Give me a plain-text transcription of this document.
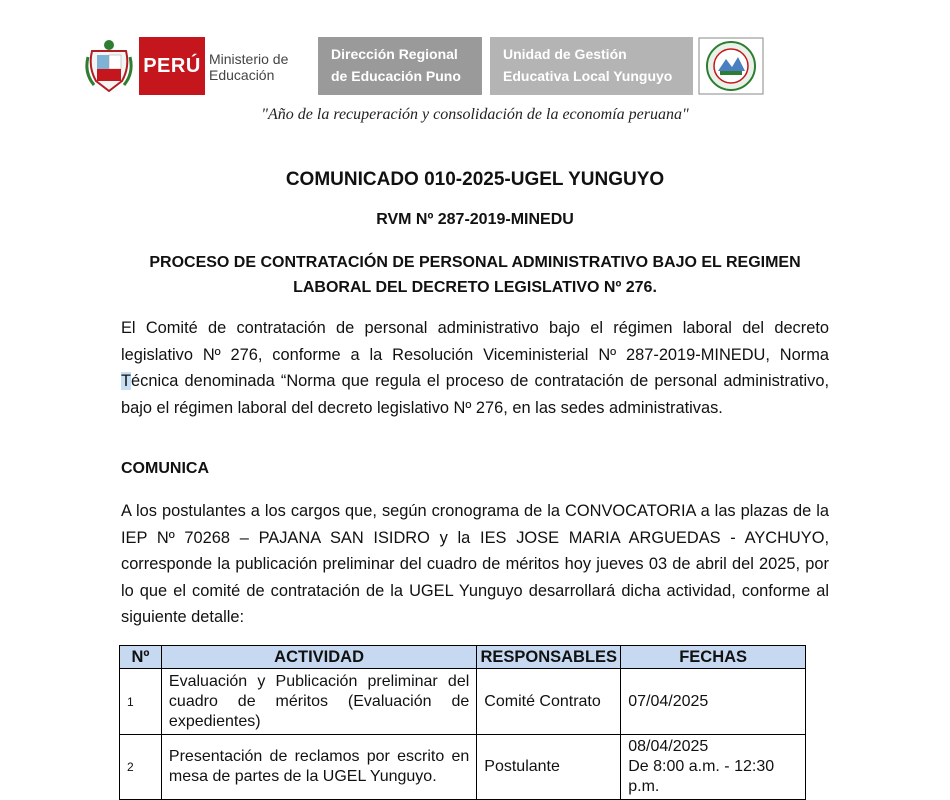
PERÚ Ministerio de Educación
Dirección Regional
de Educación Puno
Unidad de Gestión
Educativa Local Yunguyo
"Año de la recuperación y consolidación de la economía peruana"
COMUNICADO 010-2025-UGEL YUNGUYO
RVM Nº 287-2019-MINEDU
PROCESO DE CONTRATACIÓN DE PERSONAL ADMINISTRATIVO BAJO EL REGIMEN
LABORAL DEL DECRETO LEGISLATIVO Nº 276.
El Comité de contratación de personal administrativo bajo el régimen laboral del decreto legislativo Nº 276, conforme a la Resolución Viceministerial Nº 287-2019-MINEDU, Norma Técnica denominada “Norma que regula el proceso de contratación de personal administrativo, bajo el régimen laboral del decreto legislativo Nº 276, en las sedes administrativas.
COMUNICA
A los postulantes a los cargos que, según cronograma de la CONVOCATORIA a las plazas de la IEP Nº 70268 – PAJANA SAN ISIDRO y la IES JOSE MARIA ARGUEDAS - AYCHUYO, corresponde la publicación preliminar del cuadro de méritos hoy jueves 03 de abril del 2025, por lo que el comité de contratación de la UGEL Yunguyo desarrollará dicha actividad, conforme al siguiente detalle:
Nº	ACTIVIDAD	RESPONSABLES	FECHAS
1	Evaluación y Publicación preliminar del cuadro de méritos (Evaluación de expedientes)	Comité Contrato	07/04/2025
2	Presentación de reclamos por escrito en mesa de partes de la UGEL Yunguyo.	Postulante	08/04/2025
De 8:00 a.m. - 12:30 p.m.
